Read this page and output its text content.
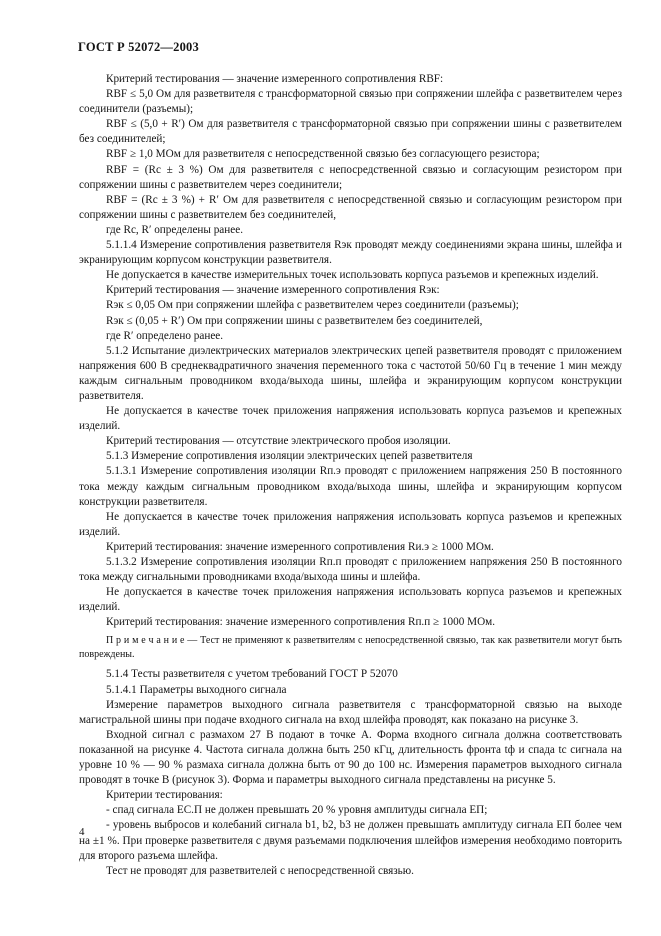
ГОСТ Р 52072—2003

Критерий тестирования — значение измеренного сопротивления RBF:

RBF ≤ 5,0 Ом для разветвителя с трансформаторной связью при сопряжении шлейфа с разветвителем через соединители (разъемы);

RBF ≤ (5,0 + R′) Ом для разветвителя с трансформаторной связью при сопряжении шины с разветвителем без соединителей;

RBF ≥ 1,0 МОм для разветвителя с непосредственной связью без согласующего резистора;

RBF = (Rс ± 3 %) Ом для разветвителя с непосредственной связью и согласующим резистором при сопряжении шины с разветвителем через соединители;

RBF = (Rс ± 3 %) + R′ Ом для разветвителя с непосредственной связью и согласующим резистором при сопряжении шины с разветвителем без соединителей,

где Rс, R′ определены ранее.

5.1.1.4 Измерение сопротивления разветвителя Rэк проводят между соединениями экрана шины, шлейфа и экранирующим корпусом конструкции разветвителя.

Не допускается в качестве измерительных точек использовать корпуса разъемов и крепежных изделий.

Критерий тестирования — значение измеренного сопротивления Rэк:

Rэк ≤ 0,05 Ом при сопряжении шлейфа с разветвителем через соединители (разъемы);

Rэк ≤ (0,05 + R′) Ом при сопряжении шины с разветвителем без соединителей,

где R′ определено ранее.

5.1.2 Испытание диэлектрических материалов электрических цепей разветвителя проводят с приложением напряжения 600 В среднеквадратичного значения переменного тока с частотой 50/60 Гц в течение 1 мин между каждым сигнальным проводником входа/выхода шины, шлейфа и экранирующим корпусом конструкции разветвителя.

Не допускается в качестве точек приложения напряжения использовать корпуса разъемов и крепежных изделий.

Критерий тестирования — отсутствие электрического пробоя изоляции.

5.1.3 Измерение сопротивления изоляции электрических цепей разветвителя

5.1.3.1 Измерение сопротивления изоляции Rп.э проводят с приложением напряжения 250 В постоянного тока между каждым сигнальным проводником входа/выхода шины, шлейфа и экранирующим корпусом конструкции разветвителя.

Не допускается в качестве точек приложения напряжения использовать корпуса разъемов и крепежных изделий.

Критерий тестирования: значение измеренного сопротивления Rи.э ≥ 1000 МОм.

5.1.3.2 Измерение сопротивления изоляции Rп.п проводят с приложением напряжения 250 В постоянного тока между сигнальными проводниками входа/выхода шины и шлейфа.

Не допускается в качестве точек приложения напряжения использовать корпуса разъемов и крепежных изделий.

Критерий тестирования: значение измеренного сопротивления Rп.п ≥ 1000 МОм.

П р и м е ч а н и е — Тест не применяют к разветвителям с непосредственной связью, так как разветвители могут быть повреждены.

5.1.4 Тесты разветвителя с учетом требований ГОСТ Р 52070

5.1.4.1 Параметры выходного сигнала

Измерение параметров выходного сигнала разветвителя с трансформаторной связью на выходе магистральной шины при подаче входного сигнала на вход шлейфа проводят, как показано на рисунке 3.

Входной сигнал с размахом 27 В подают в точке А. Форма входного сигнала должна соответствовать показанной на рисунке 4. Частота сигнала должна быть 250 кГц, длительность фронта tф и спада tс сигнала на уровне 10 % — 90 % размаха сигнала должна быть от 90 до 100 нс. Измерения параметров выходного сигнала проводят в точке В (рисунок 3). Форма и параметры выходного сигнала представлены на рисунке 5.

Критерии тестирования:

- спад сигнала EС.П не должен превышать 20 % уровня амплитуды сигнала EП;

- уровень выбросов и колебаний сигнала b1, b2, b3 не должен превышать амплитуду сигнала EП более чем на ±1 %. При проверке разветвителя с двумя разъемами подключения шлейфов измерения необходимо повторить для второго разъема шлейфа.

Тест не проводят для разветвителей с непосредственной связью.

4
